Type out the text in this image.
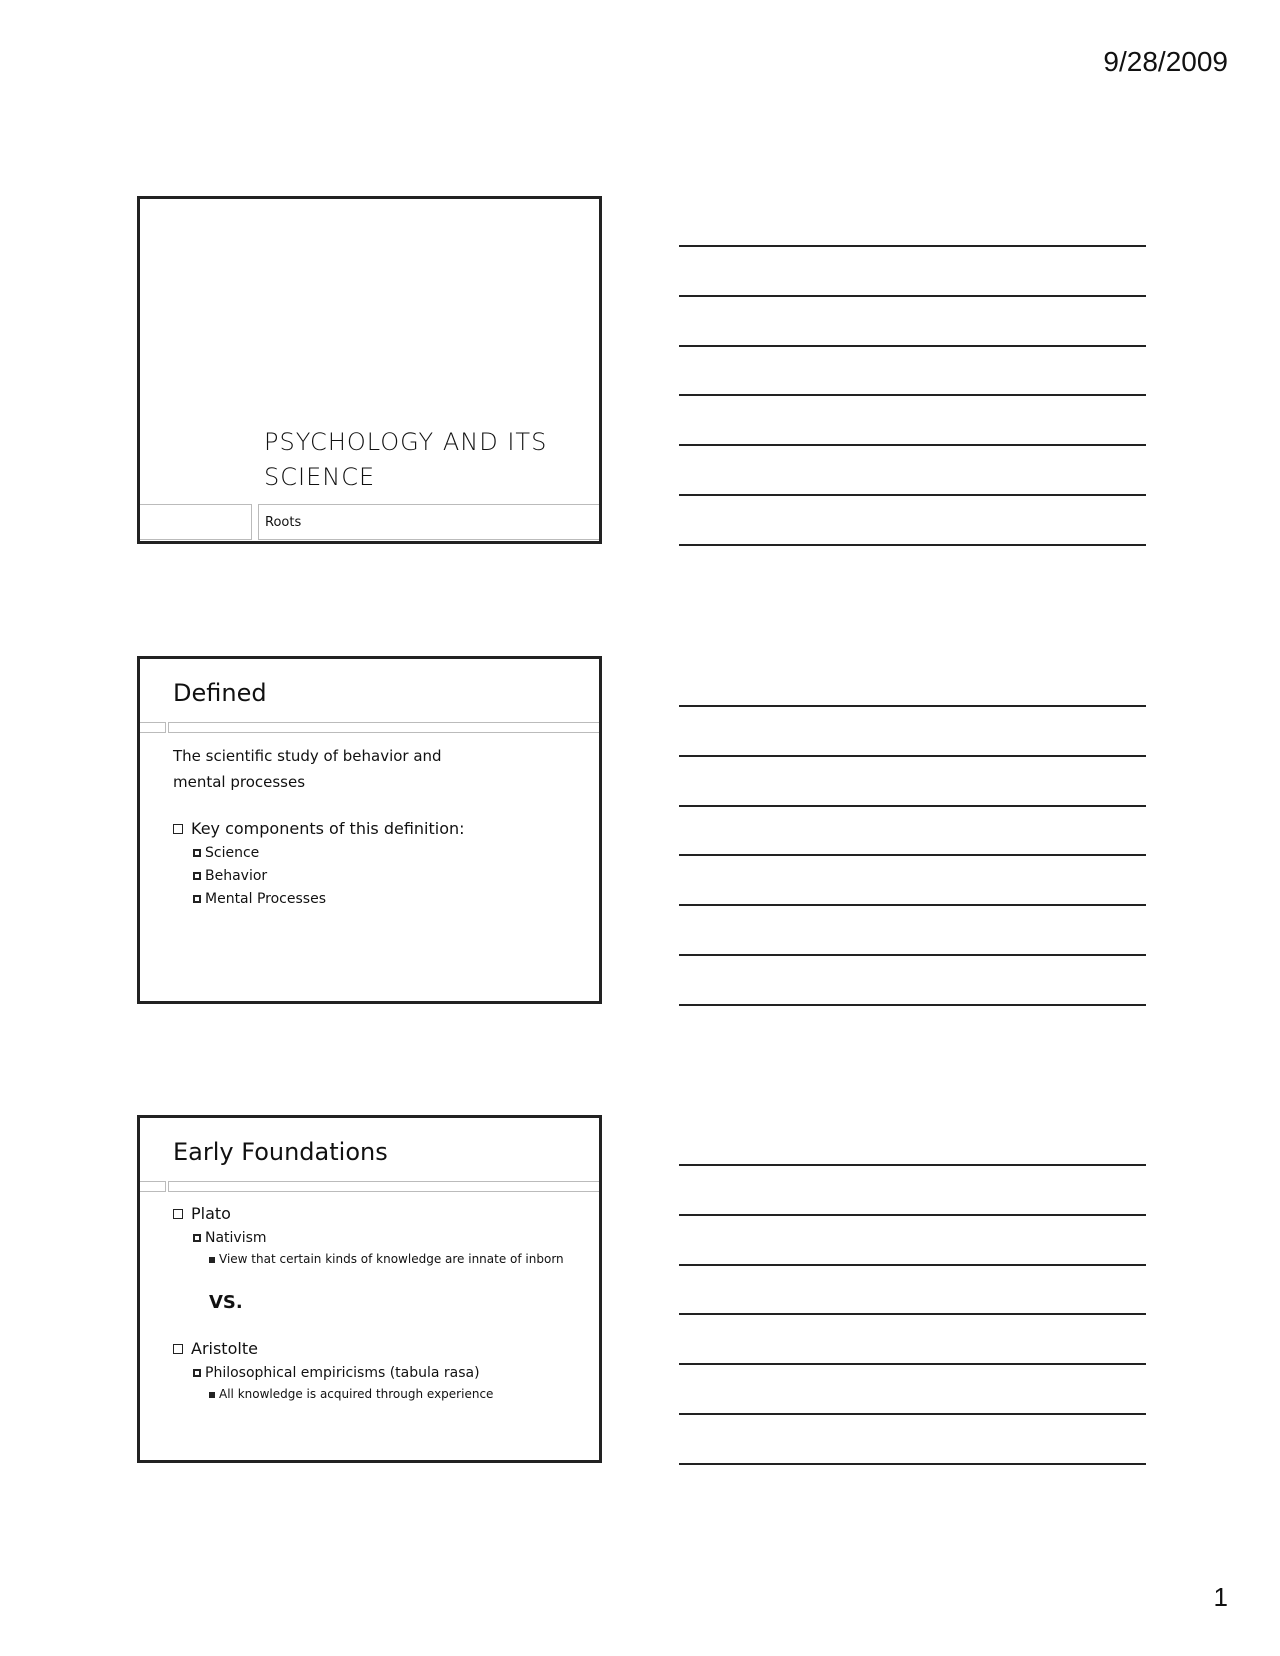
9/28/2009
PSYCHOLOGY AND ITS SCIENCE
Roots
Defined
The scientific study of behavior and mental processes
Key components of this definition:
Science
Behavior
Mental Processes
Early Foundations
Plato
Nativism
View that certain kinds of knowledge are innate of inborn
VS.
Aristolte
Philosophical empiricisms (tabula rasa)
All knowledge is acquired through experience
1
